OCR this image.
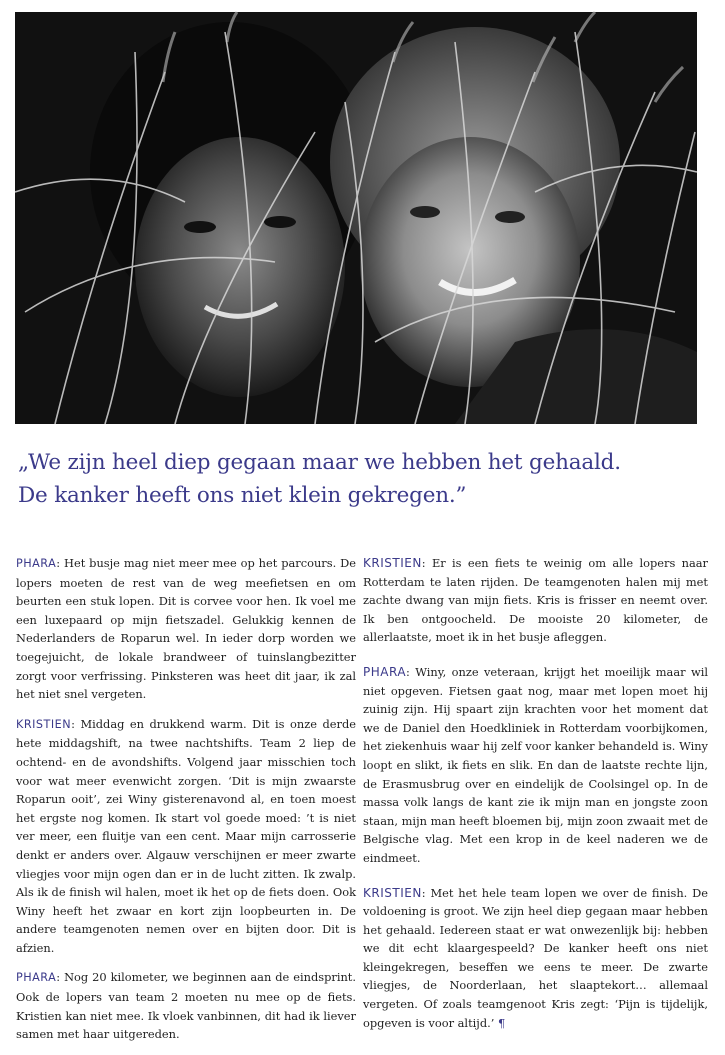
„We zijn heel diep gegaan maar we hebben het gehaald.
De kanker heeft ons niet klein gekregen.”

PHARA: Het busje mag niet meer mee op het parcours. De lopers moeten de rest van de weg meefietsen en om beurten een stuk lopen. Dit is corvee voor hen. Ik voel me een luxepaard op mijn fietszadel. Gelukkig kennen de Nederlanders de Roparun wel. In ieder dorp worden we toegejuicht, de lokale brandweer of tuinslangbezitter zorgt voor verfrissing. Pinksteren was heet dit jaar, ik zal het niet snel vergeten.

KRISTIEN: Middag en drukkend warm. Dit is onze derde hete middagshift, na twee nachtshifts. Team 2 liep de ochtend- en de avondshifts. Volgend jaar misschien toch voor wat meer evenwicht zorgen. ‘Dit is mijn zwaarste Roparun ooit’, zei Winy gisterenavond al, en toen moest het ergste nog komen. Ik start vol goede moed: ’t is niet ver meer, een fluitje van een cent. Maar mijn carrosserie denkt er anders over. Algauw verschijnen er meer zwarte vliegjes voor mijn ogen dan er in de lucht zitten. Ik zwalp. Als ik de finish wil halen, moet ik het op de fiets doen. Ook Winy heeft het zwaar en kort zijn loopbeurten in. De andere teamgenoten nemen over en bijten door. Dit is afzien.

PHARA: Nog 20 kilometer, we beginnen aan de eindsprint. Ook de lopers van team 2 moeten nu mee op de fiets. Kristien kan niet mee. Ik vloek vanbinnen, dit had ik liever samen met haar uitgereden.

KRISTIEN: Er is een fiets te weinig om alle lopers naar Rotterdam te laten rijden. De teamgenoten halen mij met zachte dwang van mijn fiets. Kris is frisser en neemt over. Ik ben ontgoocheld. De mooiste 20 kilometer, de allerlaatste, moet ik in het busje afleggen.

PHARA: Winy, onze veteraan, krijgt het moeilijk maar wil niet opgeven. Fietsen gaat nog, maar met lopen moet hij zuinig zijn. Hij spaart zijn krachten voor het moment dat we de Daniel den Hoedkliniek in Rotterdam voorbijkomen, het ziekenhuis waar hij zelf voor kanker behandeld is. Winy loopt en slikt, ik fiets en slik. En dan de laatste rechte lijn, de Erasmusbrug over en eindelijk de Coolsingel op. In de massa volk langs de kant zie ik mijn man en jongste zoon staan, mijn man heeft bloemen bij, mijn zoon zwaait met de Belgische vlag. Met een krop in de keel naderen we de eindmeet.

KRISTIEN: Met het hele team lopen we over de finish. De voldoening is groot. We zijn heel diep gegaan maar hebben het gehaald. Iedereen staat er wat onwezenlijk bij: hebben we dit echt klaargespeeld? De kanker heeft ons niet kleingekregen, beseffen we eens te meer. De zwarte vliegjes, de Noorderlaan, het slaaptekort… allemaal vergeten. Of zoals teamgenoot Kris zegt: ‘Pijn is tijdelijk, opgeven is voor altijd.’ ¶
